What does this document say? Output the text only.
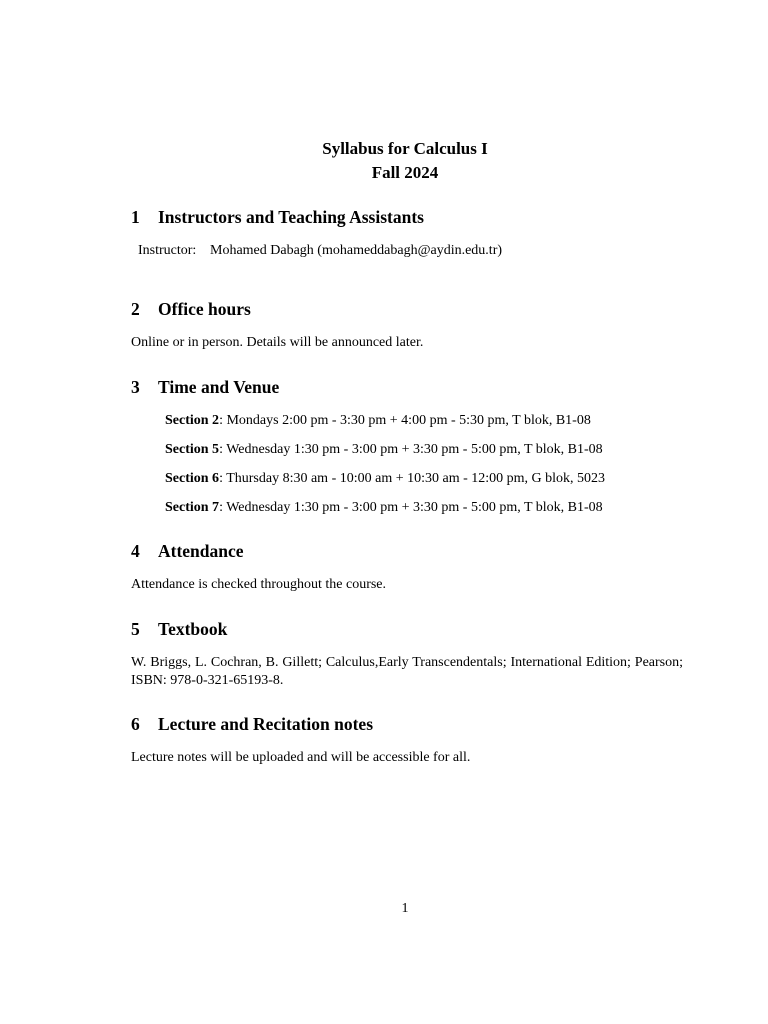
Syllabus for Calculus I
Fall 2024
1 Instructors and Teaching Assistants
Instructor: Mohamed Dabagh (mohameddabagh@aydin.edu.tr)
2 Office hours
Online or in person. Details will be announced later.
3 Time and Venue
Section 2: Mondays 2:00 pm - 3:30 pm + 4:00 pm - 5:30 pm, T blok, B1-08
Section 5: Wednesday 1:30 pm - 3:00 pm + 3:30 pm - 5:00 pm, T blok, B1-08
Section 6: Thursday 8:30 am - 10:00 am + 10:30 am - 12:00 pm, G blok, 5023
Section 7: Wednesday 1:30 pm - 3:00 pm + 3:30 pm - 5:00 pm, T blok, B1-08
4 Attendance
Attendance is checked throughout the course.
5 Textbook
W. Briggs, L. Cochran, B. Gillett; Calculus,Early Transcendentals; International Edition; Pearson;
ISBN: 978-0-321-65193-8.
6 Lecture and Recitation notes
Lecture notes will be uploaded and will be accessible for all.
1
